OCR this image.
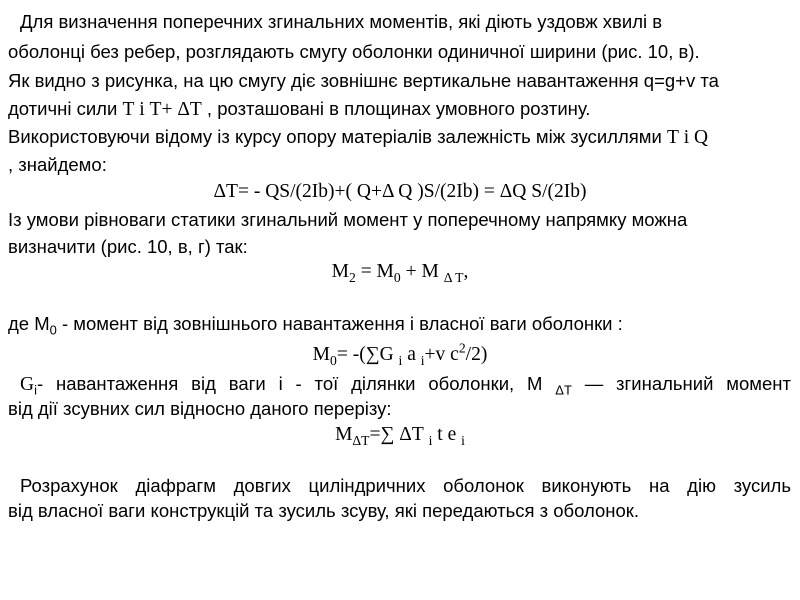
Для визначення поперечних згинальних моментів, які діють уздовж хвилі в
оболонці без ребер, розглядають смугу оболонки одиничної ширини (рис. 10, в).
Як видно з рисунка, на цю смугу діє зовнішнє вертикальне навантаження q=g+v та
дотичні сили Т і Т+ ΔТ , розташовані в площинах умовного розтину.
Використовуючи відому із курсу опору матеріалів залежність між зусиллями Т і Q
, знайдемо:
ΔТ= - QS/(2Ib)+( Q+Δ Q )S/(2Ib) = ΔQ S/(2Ib)
Із умови рівноваги статики згинальний момент у поперечному напрямку можна
визначити (рис. 10, в, г) так:
$М_2 = М_0 + М$ $_{\Delta Т}$,
де $М_0$ - момент від зовнішнього навантаження і власної ваги оболонки :
$М_0= -(\sum G$ $_i$ a $_i$+v $c^2/2$)
$G_i-$ навантаження від ваги і - тої ділянки оболонки, М $_{\Delta Т}$ — згинальний момент
від дії зсувних сил відносно даного перерізу:
$М_{\Delta Т}=\sum$ ΔТ $_i$ t e $_i$
Розрахунок діафрагм довгих циліндричних оболонок виконують на дію зусиль
від власної ваги конструкцій та зусиль зсуву, які передаються з оболонок.
